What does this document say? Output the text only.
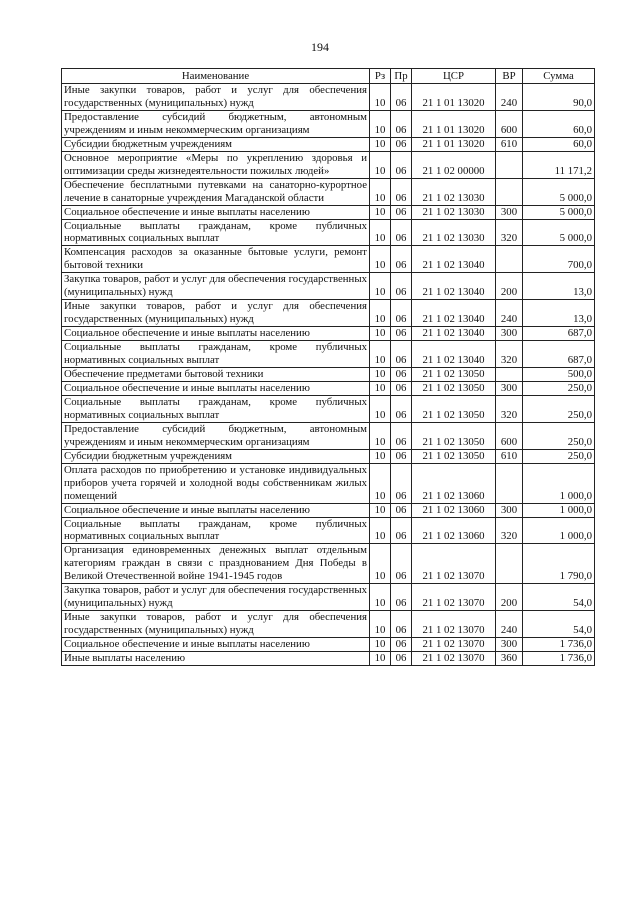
194
Наименование	Рз	Пр	ЦСР	ВР	Сумма
Иные закупки товаров, работ и услуг для обеспечения государственных (муниципальных) нужд	10	06	21 1 01 13020	240	90,0
Предоставление субсидий бюджетным, автономным учреждениям и иным некоммерческим организациям	10	06	21 1 01 13020	600	60,0
Субсидии бюджетным учреждениям	10	06	21 1 01 13020	610	60,0
Основное мероприятие «Меры по укреплению здоровья и оптимизации среды жизнедеятельности пожилых людей»	10	06	21 1 02 00000		11 171,2
Обеспечение бесплатными путевками на санаторно-курортное лечение в санаторные учреждения Магаданской области	10	06	21 1 02 13030		5 000,0
Социальное обеспечение и иные выплаты населению	10	06	21 1 02 13030	300	5 000,0
Социальные выплаты гражданам, кроме публичных нормативных социальных выплат	10	06	21 1 02 13030	320	5 000,0
Компенсация расходов за оказанные бытовые услуги, ремонт бытовой техники	10	06	21 1 02 13040		700,0
Закупка товаров, работ и услуг для обеспечения государственных (муниципальных) нужд	10	06	21 1 02 13040	200	13,0
Иные закупки товаров, работ и услуг для обеспечения государственных (муниципальных) нужд	10	06	21 1 02 13040	240	13,0
Социальное обеспечение и иные выплаты населению	10	06	21 1 02 13040	300	687,0
Социальные выплаты гражданам, кроме публичных нормативных социальных выплат	10	06	21 1 02 13040	320	687,0
Обеспечение предметами бытовой техники	10	06	21 1 02 13050		500,0
Социальное обеспечение и иные выплаты населению	10	06	21 1 02 13050	300	250,0
Социальные выплаты гражданам, кроме публичных нормативных социальных выплат	10	06	21 1 02 13050	320	250,0
Предоставление субсидий бюджетным, автономным учреждениям и иным некоммерческим организациям	10	06	21 1 02 13050	600	250,0
Субсидии бюджетным учреждениям	10	06	21 1 02 13050	610	250,0
Оплата расходов по приобретению и установке индивидуальных приборов учета горячей и холодной воды собственникам жилых помещений	10	06	21 1 02 13060		1 000,0
Социальное обеспечение и иные выплаты населению	10	06	21 1 02 13060	300	1 000,0
Социальные выплаты гражданам, кроме публичных нормативных социальных выплат	10	06	21 1 02 13060	320	1 000,0
Организация единовременных денежных выплат отдельным категориям граждан в связи с празднованием Дня Победы в Великой Отечественной войне 1941-1945 годов	10	06	21 1 02 13070		1 790,0
Закупка товаров, работ и услуг для обеспечения государственных (муниципальных) нужд	10	06	21 1 02 13070	200	54,0
Иные закупки товаров, работ и услуг для обеспечения государственных (муниципальных) нужд	10	06	21 1 02 13070	240	54,0
Социальное обеспечение и иные выплаты населению	10	06	21 1 02 13070	300	1 736,0
Иные выплаты населению	10	06	21 1 02 13070	360	1 736,0
